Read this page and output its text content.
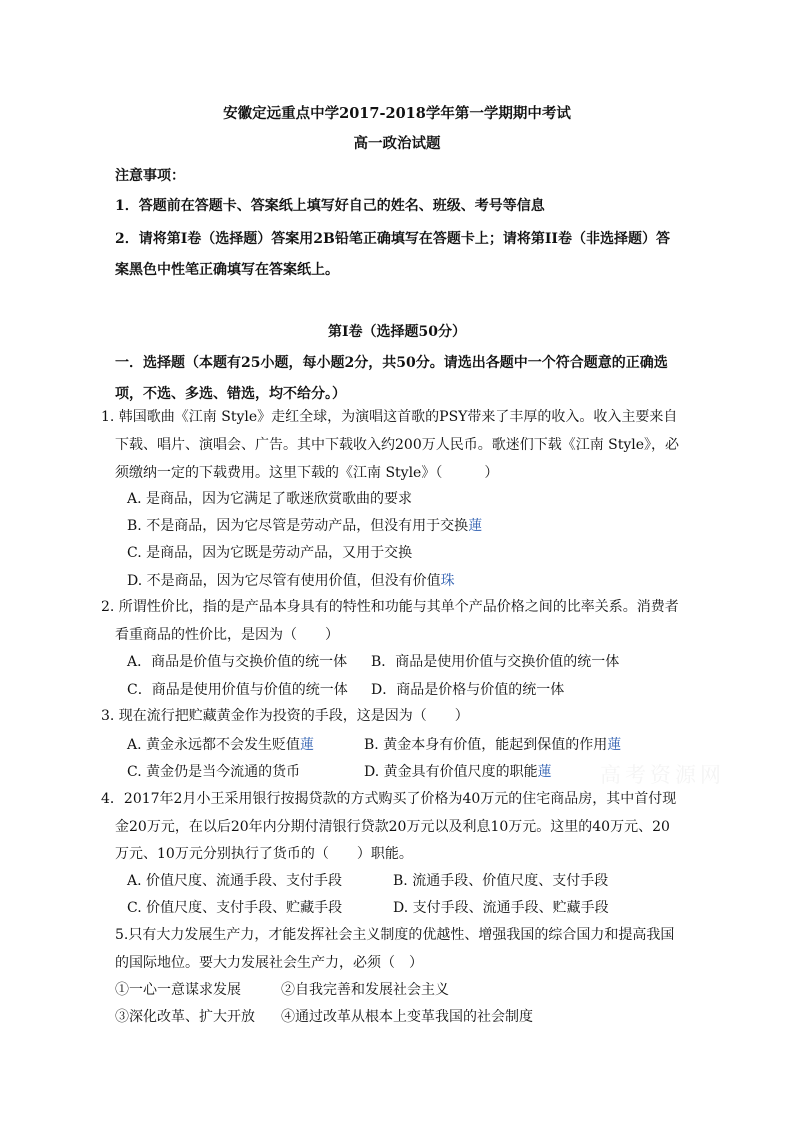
安徽定远重点中学2017-2018学年第一学期期中考试
高一政治试题
注意事项：
1．答题前在答题卡、答案纸上填写好自己的姓名、班级、考号等信息
2．请将第I卷（选择题）答案用2B铅笔正确填写在答题卡上；请将第II卷（非选择题）答
案黑色中性笔正确填写在答案纸上。
第I卷（选择题50分）
一．选择题（本题有25小题，每小题2分，共50分。请选出各题中一个符合题意的正确选
项，不选、多选、错选，均不给分。）
1. 韩国歌曲《江南 Style》走红全球，为演唱这首歌的PSY带来了丰厚的收入。收入主要来自
下载、唱片、演唱会、广告。其中下载收入约200万人民币。歌迷们下载《江南 Style》，必
须缴纳一定的下载费用。这里下载的《江南 Style》（　　　）
A. 是商品，因为它满足了歌迷欣赏歌曲的要求
B. 不是商品，因为它尽管是劳动产品，但没有用于交换蓮
C. 是商品，因为它既是劳动产品，又用于交换
D. 不是商品，因为它尽管有使用价值，但没有价值珠
2. 所谓性价比，指的是产品本身具有的特性和功能与其单个产品价格之间的比率关系。消费者
看重商品的性价比，是因为（　　）
A．商品是价值与交换价值的统一体 B．商品是使用价值与交换价值的统一体
C．商品是使用价值与价值的统一体 D．商品是价格与价值的统一体
3. 现在流行把贮藏黄金作为投资的手段，这是因为（　　）
A. 黄金永远都不会发生贬值蓮	B. 黄金本身有价值，能起到保值的作用蓮
C. 黄金仍是当今流通的货币	D. 黄金具有价值尺度的职能蓮 高考资源网
4．2017年2月小王采用银行按揭贷款的方式购买了价格为40万元的住宅商品房，其中首付现
金20万元，在以后20年内分期付清银行贷款20万元以及利息10万元。这里的40万元、20
万元、10万元分别执行了货币的（　　）职能。
A. 价值尺度、流通手段、支付手段	B. 流通手段、价值尺度、支付手段
C. 价值尺度、支付手段、贮藏手段	D. 支付手段、流通手段、贮藏手段
5.只有大力发展生产力，才能发挥社会主义制度的优越性、增强我国的综合国力和提高我国
的国际地位。要大力发展社会生产力，必须（　）
①一心一意谋求发展	②自我完善和发展社会主义
③深化改革、扩大开放 ④通过改革从根本上变革我国的社会制度
